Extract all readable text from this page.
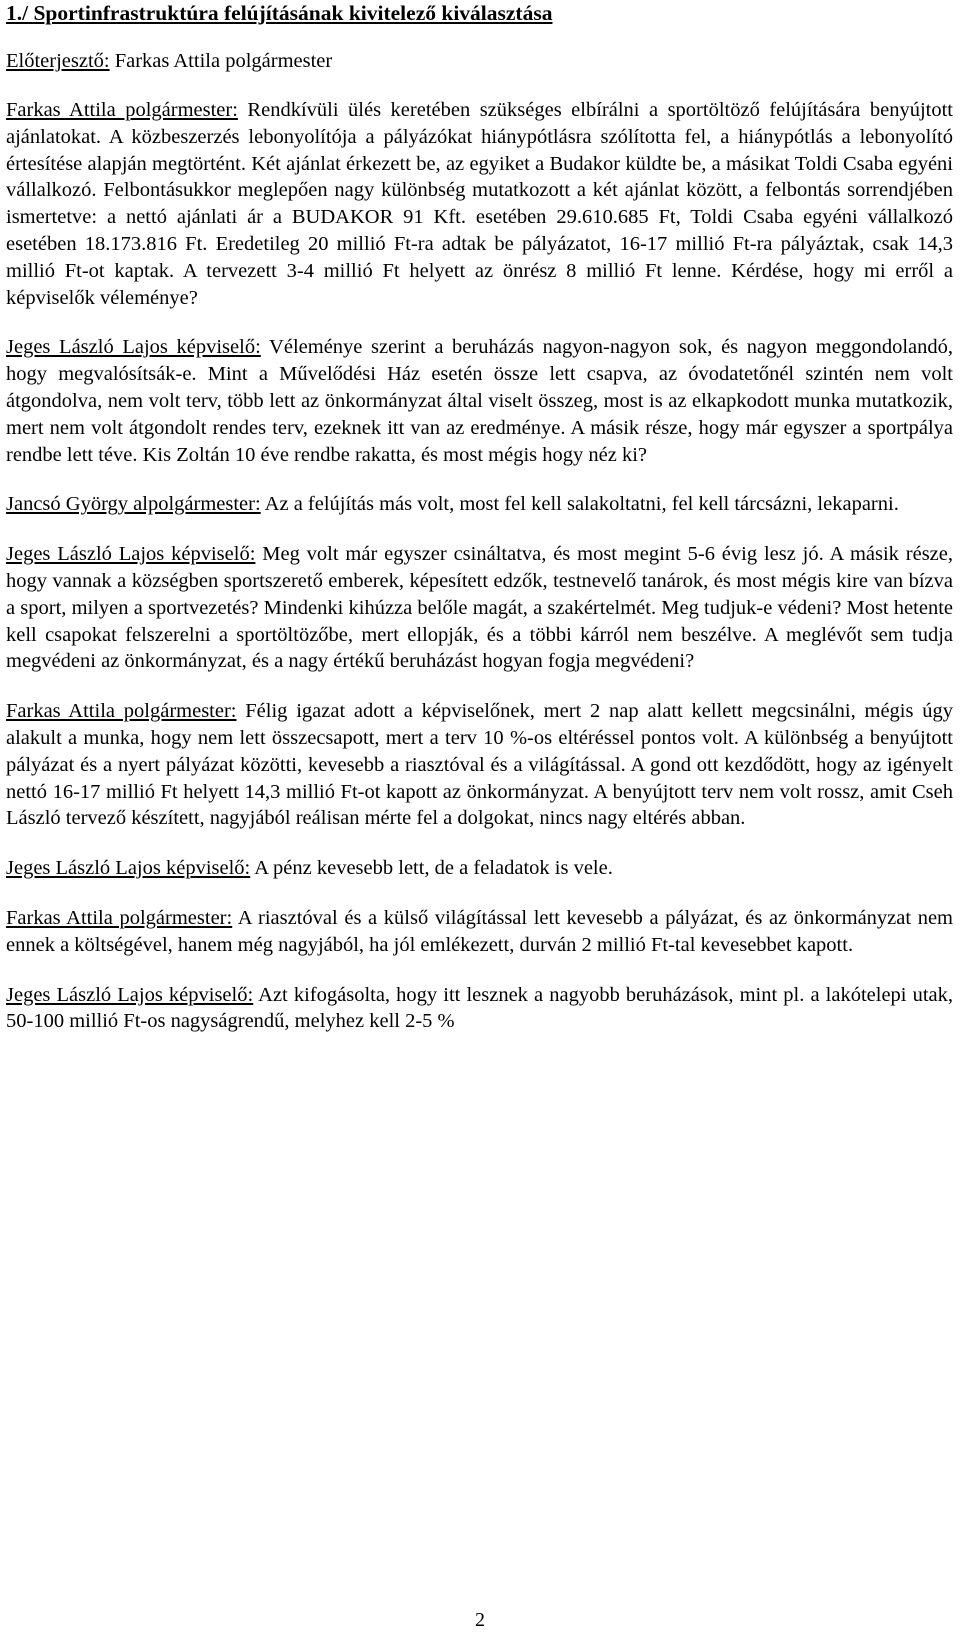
1./ Sportinfrastruktúra felújításának kivitelező kiválasztása

Előterjesztő: Farkas Attila polgármester

Farkas Attila polgármester: Rendkívüli ülés keretében szükséges elbírálni a sportöltöző felújítására benyújtott ajánlatokat. A közbeszerzés lebonyolítója a pályázókat hiánypótlásra szólította fel, a hiánypótlás a lebonyolító értesítése alapján megtörtént. Két ajánlat érkezett be, az egyiket a Budakor küldte be, a másikat Toldi Csaba egyéni vállalkozó. Felbontásukkor meglepően nagy különbség mutatkozott a két ajánlat között, a felbontás sorrendjében ismertetve: a nettó ajánlati ár a BUDAKOR 91 Kft. esetében 29.610.685 Ft, Toldi Csaba egyéni vállalkozó esetében 18.173.816 Ft. Eredetileg 20 millió Ft-ra adtak be pályázatot, 16-17 millió Ft-ra pályáztak, csak 14,3 millió Ft-ot kaptak. A tervezett 3-4 millió Ft helyett az önrész 8 millió Ft lenne. Kérdése, hogy mi erről a képviselők véleménye?

Jeges László Lajos képviselő: Véleménye szerint a beruházás nagyon-nagyon sok, és nagyon meggondolandó, hogy megvalósítsák-e. Mint a Művelődési Ház esetén össze lett csapva, az óvodatetőnél szintén nem volt átgondolva, nem volt terv, több lett az önkormányzat által viselt összeg, most is az elkapkodott munka mutatkozik, mert nem volt átgondolt rendes terv, ezeknek itt van az eredménye. A másik része, hogy már egyszer a sportpálya rendbe lett téve. Kis Zoltán 10 éve rendbe rakatta, és most mégis hogy néz ki?

Jancsó György alpolgármester: Az a felújítás más volt, most fel kell salakoltatni, fel kell tárcsázni, lekaparni.

Jeges László Lajos képviselő: Meg volt már egyszer csináltatva, és most megint 5-6 évig lesz jó. A másik része, hogy vannak a községben sportszerető emberek, képesített edzők, testnevelő tanárok, és most mégis kire van bízva a sport, milyen a sportvezetés? Mindenki kihúzza belőle magát, a szakértelmét. Meg tudjuk-e védeni? Most hetente kell csapokat felszerelni a sportöltözőbe, mert ellopják, és a többi kárról nem beszélve. A meglévőt sem tudja megvédeni az önkormányzat, és a nagy értékű beruházást hogyan fogja megvédeni?

Farkas Attila polgármester: Félig igazat adott a képviselőnek, mert 2 nap alatt kellett megcsinálni, mégis úgy alakult a munka, hogy nem lett összecsapott, mert a terv 10 %-os eltéréssel pontos volt. A különbség a benyújtott pályázat és a nyert pályázat közötti, kevesebb a riasztóval és a világítással. A gond ott kezdődött, hogy az igényelt nettó 16-17 millió Ft helyett 14,3 millió Ft-ot kapott az önkormányzat. A benyújtott terv nem volt rossz, amit Cseh László tervező készített, nagyjából reálisan mérte fel a dolgokat, nincs nagy eltérés abban.

Jeges László Lajos képviselő: A pénz kevesebb lett, de a feladatok is vele.

Farkas Attila polgármester: A riasztóval és a külső világítással lett kevesebb a pályázat, és az önkormányzat nem ennek a költségével, hanem még nagyjából, ha jól emlékezett, durván 2 millió Ft-tal kevesebbet kapott.

Jeges László Lajos képviselő: Azt kifogásolta, hogy itt lesznek a nagyobb beruházások, mint pl. a lakótelepi utak, 50-100 millió Ft-os nagyságrendű, melyhez kell 2-5 %

2
